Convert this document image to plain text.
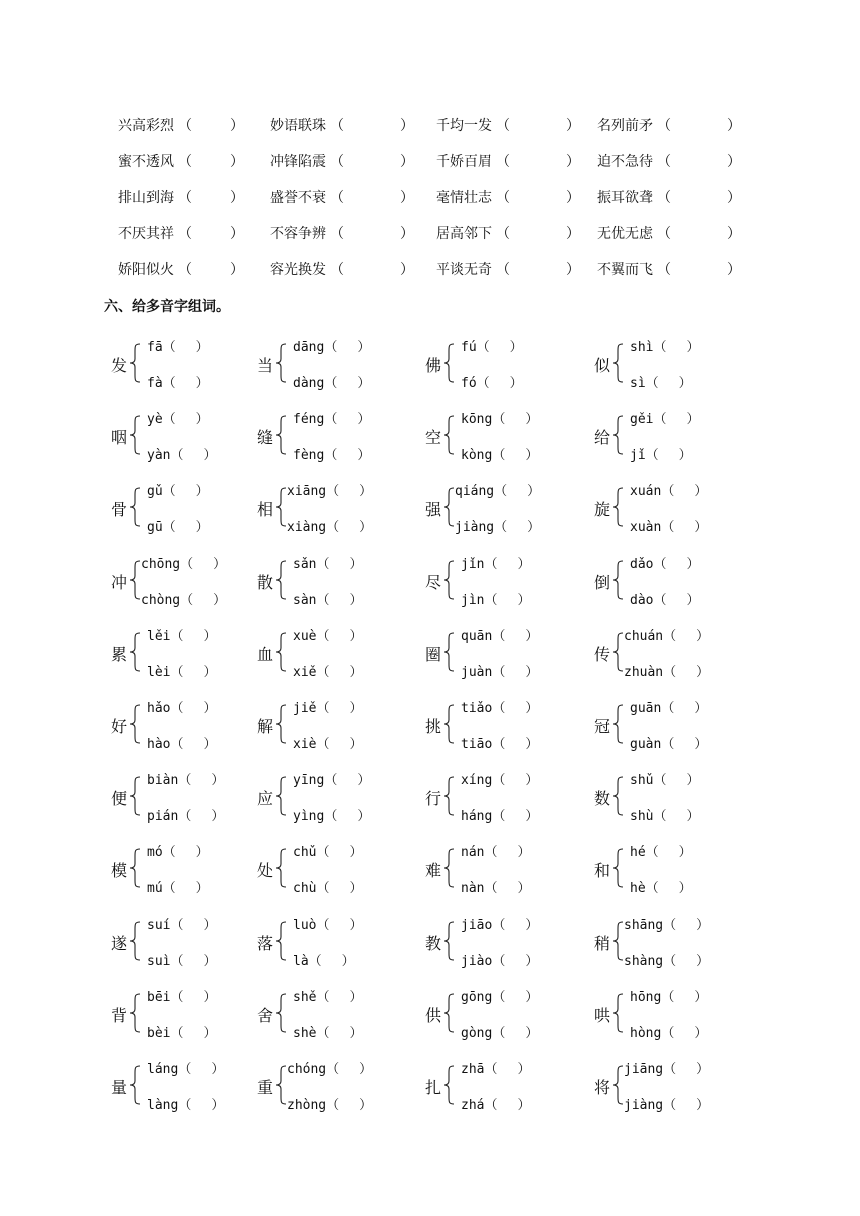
兴高彩烈 （	） 妙语联珠 （	） 千均一发 （	） 名列前矛 （	）
蜜不透风 （	） 冲锋陷震 （	） 千娇百眉 （	） 迫不急待 （	）
排山到海 （	） 盛誉不衰 （	） 毫情壮志 （	） 振耳欲聋 （	）
不厌其祥 （	） 不容争辨 （	） 居高邻下 （	） 无优无虑 （	）
娇阳似火 （	） 容光换发 （	） 平谈无奇 （	） 不翼而飞 （	）
六、给多音字组词。
发
fā（ ）
fà（ ）
当
dāng（ ）
dàng（ ）
佛
fú（ ）
fó（ ）
似
shì（ ）
sì（ ）
咽
yè（ ）
yàn（ ）
缝
féng（ ）
fèng（ ）
空
kōng（ ）
kòng（ ）
给
gěi（ ）
jǐ（ ）
骨
gǔ（ ）
gū（ ）
相
xiāng（ ）
xiàng（ ）
强
qiáng（ ）
jiàng（ ）
旋
xuán（ ）
xuàn（ ）
冲
chōng（ ）
chòng（ ）
散
sǎn（ ）
sàn（ ）
尽
jǐn（ ）
jìn（ ）
倒
dǎo（ ）
dào（ ）
累
lěi（ ）
lèi（ ）
血
xuè（ ）
xiě（ ）
圈
quān（ ）
juàn（ ）
传
chuán（ ）
zhuàn（ ）
好
hǎo（ ）
hào（ ）
解
jiě（ ）
xiè（ ）
挑
tiǎo（ ）
tiāo（ ）
冠
guān（ ）
guàn（ ）
便
biàn（ ）
pián（ ）
应
yīng（ ）
yìng（ ）
行
xíng（ ）
háng（ ）
数
shǔ（ ）
shù（ ）
模
mó（ ）
mú（ ）
处
chǔ（ ）
chù（ ）
难
nán（ ）
nàn（ ）
和
hé（ ）
hè（ ）
遂
suí（ ）
suì（ ）
落
luò（ ）
là（ ）
教
jiāo（ ）
jiào（ ）
稍
shāng（ ）
shàng（ ）
背
bēi（ ）
bèi（ ）
舍
shě（ ）
shè（ ）
供
gōng（ ）
gòng（ ）
哄
hōng（ ）
hòng（ ）
量
láng（ ）
làng（ ）
重
chóng（ ）
zhòng（ ）
扎
zhā（ ）
zhá（ ）
将
jiāng（ ）
jiàng（ ）
